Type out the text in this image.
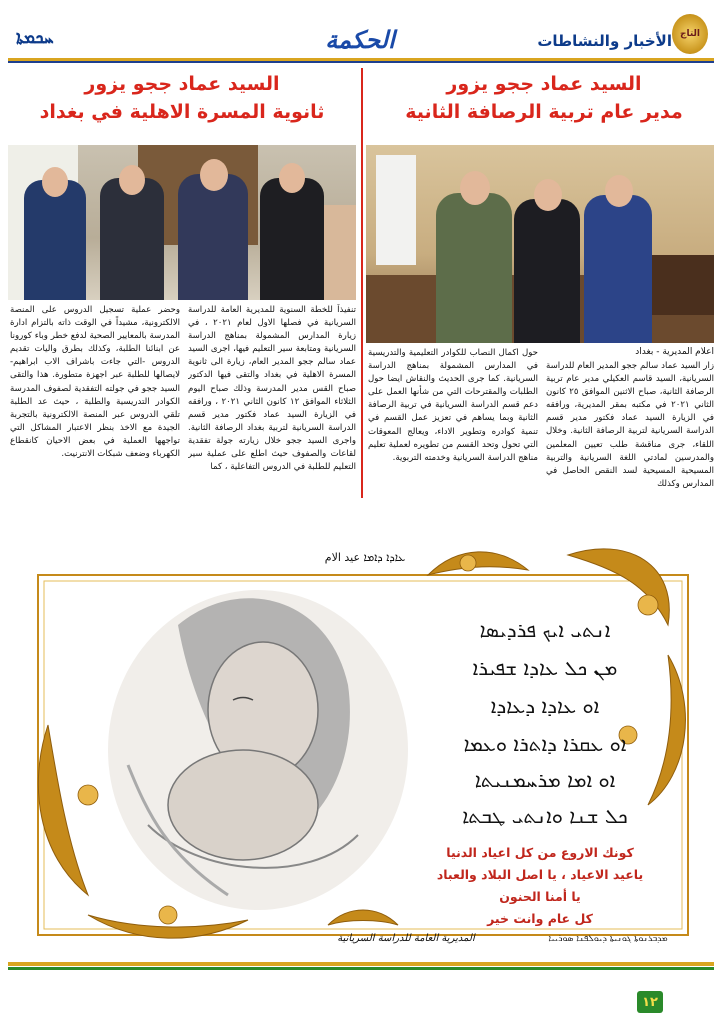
التاج
الأخبار والنشاطات
الحكمة
ܚܟܡܬܐ
السيد عماد ججو يزور
مدير عام تربية الرصافة الثانية
السيد عماد ججو يزور
ثانوية المسرة الاهلية في بغداد
اعلام المديرية - بغداد
زار السيد عماد سالم ججو المدير العام للدراسة السريانية، السيد قاسم العكيلي مدير عام تربية الرصافة الثانية، صباح الاثنين الموافق ٢٥ كانون الثاني ٢٠٢١ في مكتبه بمقر المديرية، ورافقه في الزيارة السيد عماد فكتور مدير قسم الدراسة السريانية لتربية الرصافة الثانية. وخلال اللقاء، جرى مناقشة طلب تعيين المعلمين والمدرسين لمادتي اللغة السريانية والتربية المسيحية المسيحية لسد النقص الحاصل في المدارس وكذلك
حول اكمال النصاب للكوادر التعليمية والتدريسية في المدارس المشمولة بمناهج الدراسة السريانية. كما جرى الحديث والنقاش ايضا حول الطلبات والمقترحات التي من شأنها العمل على دعم قسم الدراسة السريانية في تربية الرصافة الثانية وبما يساهم في تعزيز عمل القسم في تنمية كوادره وتطوير الاداء، ويعالج المعوقات التي تحول وتحد القسم من تطويره لعملية تعليم مناهج الدراسة السريانية وخدمته التربوية.
تنفيذاً للخطة السنوية للمديرية العامة للدراسة السريانية في فصلها الاول لعام ٢٠٢١ ، في زيارة المدارس المشمولة بمناهج الدراسة السريانية ومتابعة سير التعليم فيها، اجرى السيد عماد سالم ججو المدير العام، زيارة الى ثانوية المسرة الاهلية في بغداد والتقى فيها الدكتور صباح القس مدير المدرسة وذلك صباح اليوم الثلاثاء الموافق ١٢ كانون الثاني ٢٠٢١ ، ورافقه في الزيارة السيد عماد فكتور مدير قسم الدراسة السريانية لتربية بغداد الرصافة الثانية. واجرى السيد ججو خلال زيارته جولة تفقدية لقاعات والصفوف حيث اطلع على عملية سير التعليم للطلبة في الدروس التفاعلية ، كما
وحضر عملية تسجيل الدروس على المنصة الالكترونية، مشيداً في الوقت ذاته بالتزام ادارة المدرسة بالمعايير الصحية لدفع خطر وباء كورونا عن ابنائنا الطلبة، وكذلك بطرق واليات تقديم الدروس -التي جاءت باشراف الاب ابراهيم- لايصالها للطلبة عبر اجهزة متطورة. هذا والتقى السيد ججو في جولته التفقدية لصفوف المدرسة الكوادر التدريسية والطلبة ، حيث عد الطلبة تلقي الدروس عبر المنصة الالكترونية بالتجربة الجيدة مع الاخذ بنظر الاعتبار المشاكل التي تواجهها العملية في بعض الاحيان كانقطاع الكهرباء وضعف شبكات الانترنيت.
ܥܐܕܐ ܕܐܡܐ عيد الام
ܐܢܬܝ ܐܝܟ ܦܪܕܝܣܐ
ܡܢ ܟܠ ܥܐܕܐ ܫܦܝܪܐ
ܐܘ ܥܐܕܐ ܕܥܐܕܐ
ܐܘ ܥܩܪܐ ܕܐܬܪܐ ܘܥܡܐ
ܐܘ ܐܡܐ ܡܪܚܡܢܝܬܐ
ܟܠ ܫܢܐ ܘܐܢܬܝ ܛܒܬܐ
كونك الاروع من كل اعياد الدنيا
ياعيد الاعياد ، يا اصل البلاد والعباد
يا أمنا الحنون
كل عام وانت خير
المديرية العامة للدراسة السريانية	ܡܕܒܪܢܘܬܐ ܓܘܢܝܬܐ ܕܝܘܠܦܢܐ ܣܘܪܝܝܐ
١٢
